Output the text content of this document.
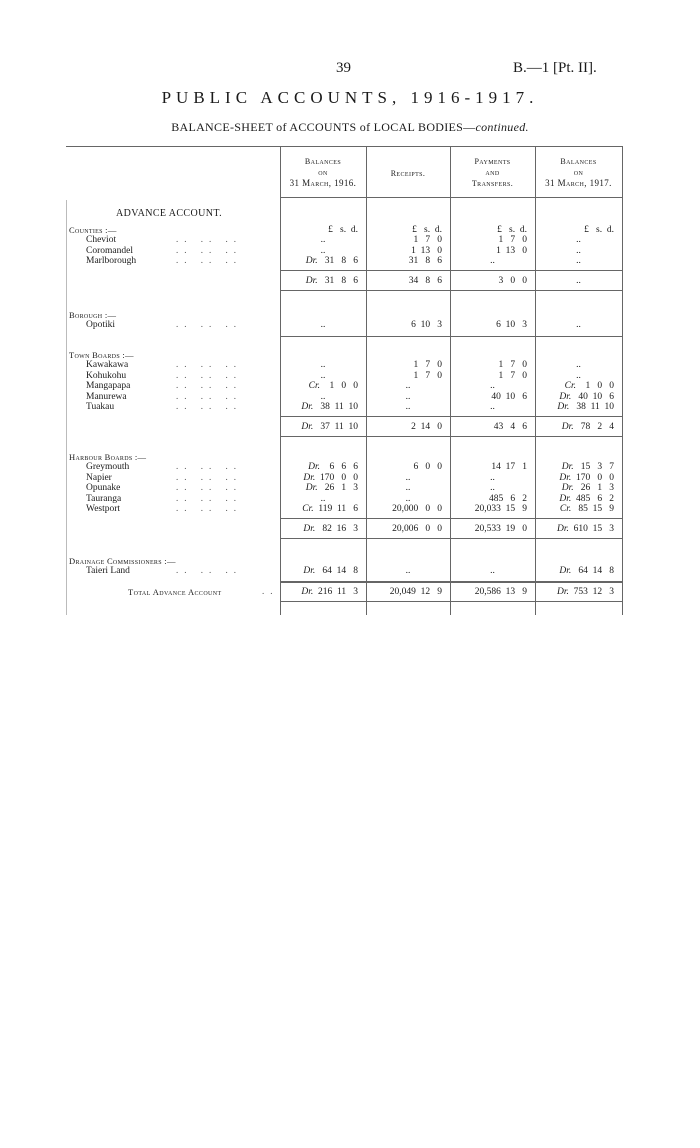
39	B.—1 [Pt. II].
PUBLIC ACCOUNTS, 1916-1917.
BALANCE-SHEET of ACCOUNTS of LOCAL BODIES—continued.
Balances
on
31 March, 1916.
Receipts.
Payments
and
Transfers.
Balances
on
31 March, 1917.
ADVANCE ACCOUNT.
£   s.  d.	£   s.  d.	£   s.  d.	£   s.  d.
Counties :—
Cheviot	.. .. ..	..	1   7   0	1   7   0	..
Coromandel	.. .. ..	..	1  13   0	1  13   0	..
Marlborough	.. .. ..	Dr.   31   8   6	31   8   6	..	..
Dr.   31   8   6	34   8   6	3   0   0	..
Borough :—
Opotiki	.. .. ..	..	6  10   3	6  10   3	..
Town Boards :—
Kawakawa	.. .. ..	..	1   7   0	1   7   0	..
Kohukohu	.. .. ..	..	1   7   0	1   7   0	..
Mangapapa	.. .. ..	Cr.    1   0   0	..	..	Cr.    1   0   0
Manurewa	.. .. ..	..	..	40  10   6	Dr.   40  10   6
Tuakau	.. .. ..	Dr.   38  11  10	..	..	Dr.   38  11  10
Dr.   37  11  10	2  14   0	43   4   6	Dr.   78   2   4
Harbour Boards :—
Greymouth	.. .. ..	Dr.    6   6   6	6   0   0	14  17   1	Dr.   15   3   7
Napier	.. .. ..	Dr.  170   0   0	..	..	Dr.  170   0   0
Opunake	.. .. ..	Dr.   26   1   3	..	..	Dr.   26   1   3
Tauranga	.. .. ..	..	..	485   6   2	Dr.  485   6   2
Westport	.. .. ..	Cr.  119  11   6	20,000   0   0	20,033  15   9	Cr.   85  15   9
Dr.   82  16   3	20,006   0   0	20,533  19   0	Dr.  610  15   3
Drainage Commissioners :—
Taieri Land	.. .. ..	Dr.   64  14   8	..	..	Dr.   64  14   8
Total Advance Account	..	Dr.  216  11   3	20,049  12   9	20,586  13   9	Dr.  753  12   3
